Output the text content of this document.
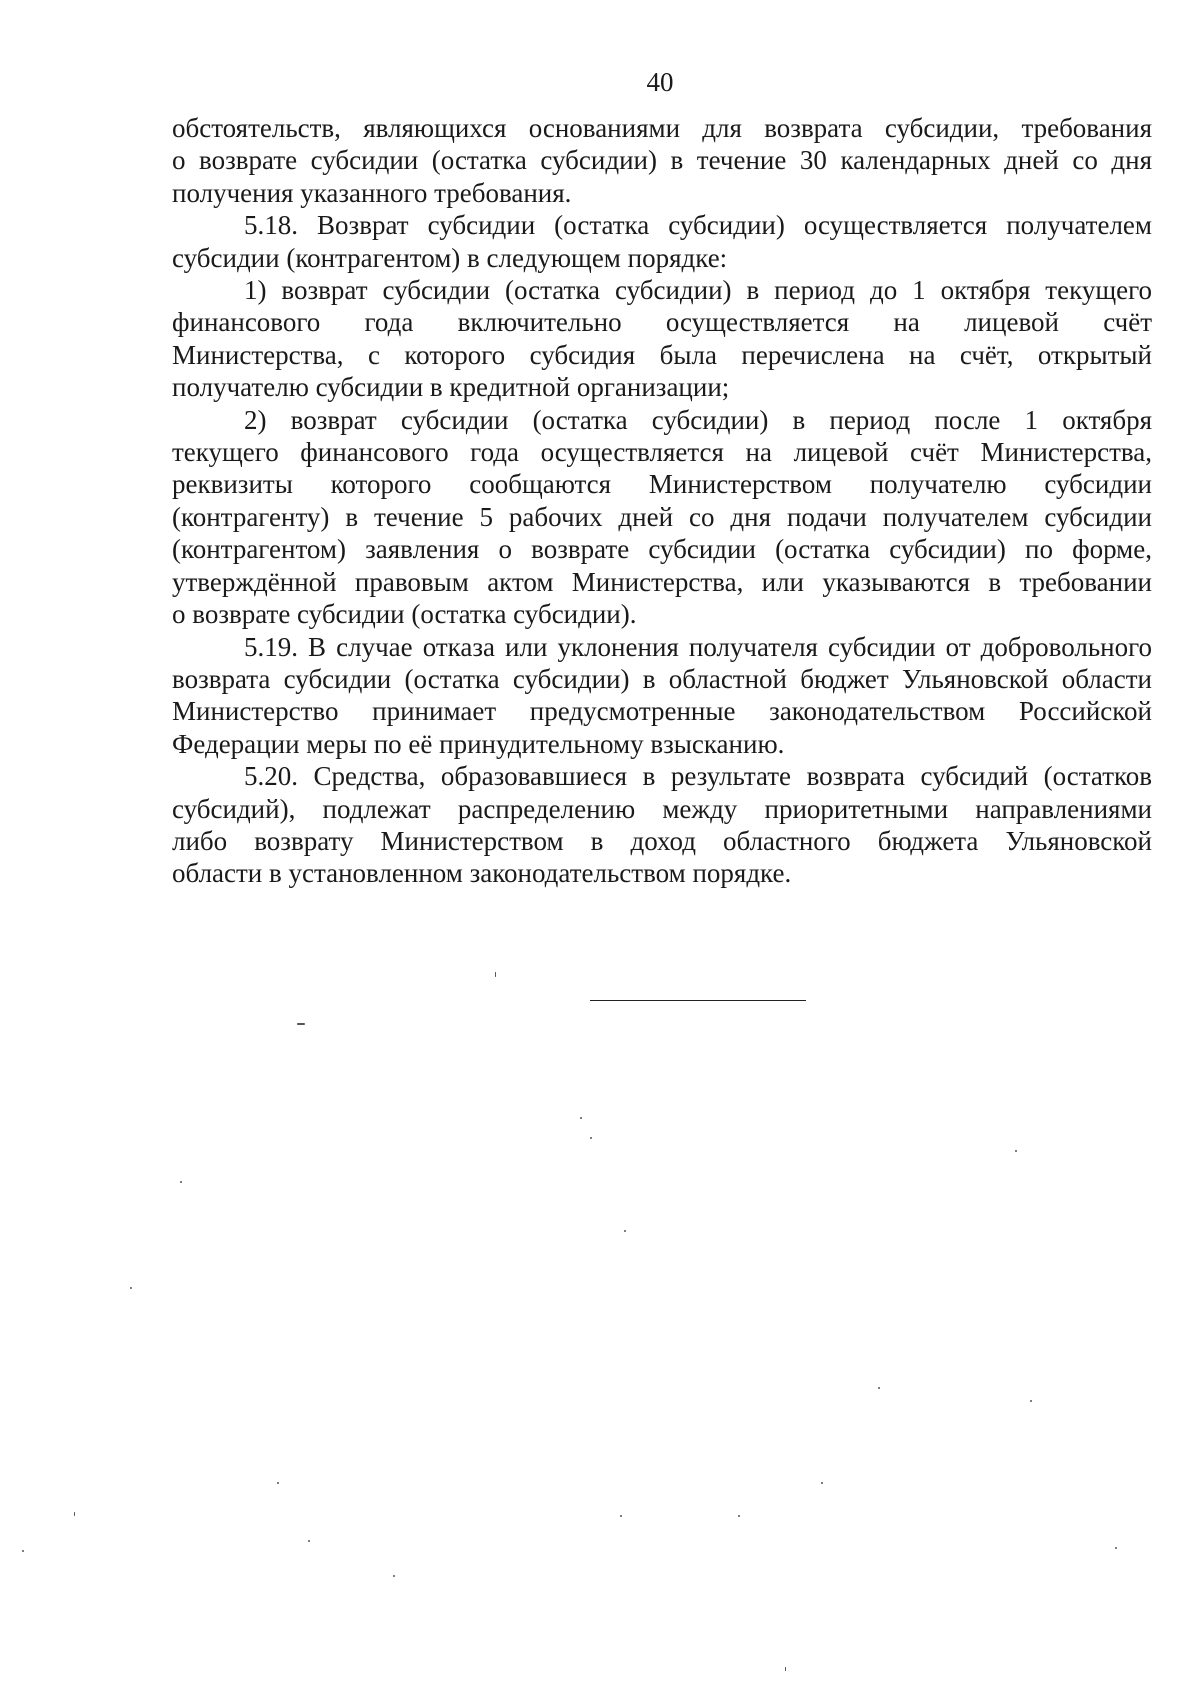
40
обстоятельств, являющихся основаниями для возврата субсидии, требования
о возврате субсидии (остатка субсидии) в течение 30 календарных дней со дня
получения указанного требования.
5.18. Возврат субсидии (остатка субсидии) осуществляется получателем
субсидии (контрагентом) в следующем порядке:
1) возврат субсидии (остатка субсидии) в период до 1 октября текущего
финансового года включительно осуществляется на лицевой счёт
Министерства, с которого субсидия была перечислена на счёт, открытый
получателю субсидии в кредитной организации;
2) возврат субсидии (остатка субсидии) в период после 1 октября
текущего финансового года осуществляется на лицевой счёт Министерства,
реквизиты которого сообщаются Министерством получателю субсидии
(контрагенту) в течение 5 рабочих дней со дня подачи получателем субсидии
(контрагентом) заявления о возврате субсидии (остатка субсидии) по форме,
утверждённой правовым актом Министерства, или указываются в требовании
о возврате субсидии (остатка субсидии).
5.19. В случае отказа или уклонения получателя субсидии от добровольного
возврата субсидии (остатка субсидии) в областной бюджет Ульяновской области
Министерство принимает предусмотренные законодательством Российской
Федерации меры по её принудительному взысканию.
5.20. Средства, образовавшиеся в результате возврата субсидий (остатков
субсидий), подлежат распределению между приоритетными направлениями
либо возврату Министерством в доход областного бюджета Ульяновской
области в установленном законодательством порядке.
